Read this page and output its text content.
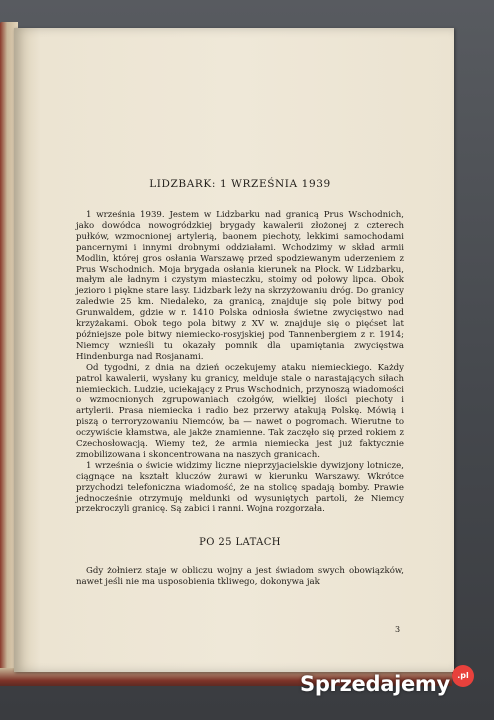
LIDZBARK: 1 WRZEŚNIA 1939

1 września 1939. Jestem w Lidzbarku nad granicą Prus Wschodnich, jako dowódca nowogródzkiej brygady kawalerii złożonej z czterech pułków, wzmocnionej artylerią, baonem piechoty, lekkimi samochodami pancernymi i innymi drobnymi oddziałami. Wchodzimy w skład armii Modlin, której gros osłania Warszawę przed spodziewanym uderzeniem z Prus Wschodnich. Moja brygada osłania kierunek na Płock. W Lidzbarku, małym ale ładnym i czystym miasteczku, stoimy od połowy lipca. Obok jezioro i piękne stare lasy. Lidzbark leży na skrzyżowaniu dróg. Do granicy zaledwie 25 km. Niedaleko, za granicą, znajduje się pole bitwy pod Grunwaldem, gdzie w r. 1410 Polska odniosła świetne zwycięstwo nad krzyżakami. Obok tego pola bitwy z XV w. znajduje się o pięćset lat późniejsze pole bitwy niemiecko-rosyjskiej pod Tannenbergiem z r. 1914; Niemcy wznieśli tu okazały pomnik dla upamiętania zwycięstwa Hindenburga nad Rosjanami.

Od tygodni, z dnia na dzień oczekujemy ataku niemieckiego. Każdy patrol kawalerii, wysłany ku granicy, melduje stale o narastających siłach niemieckich. Ludzie, uciekający z Prus Wschodnich, przynoszą wiadomości o wzmocnionych zgrupowaniach czołgów, wielkiej ilości piechoty i artylerii. Prasa niemiecka i radio bez przerwy atakują Polskę. Mówią i piszą o terroryzowaniu Niemców, ba — nawet o pogromach. Wierutne to oczywiście kłamstwa, ale jakże znamienne. Tak zaczęło się przed rokiem z Czechosłowacją. Wiemy też, że armia niemiecka jest już faktycznie zmobilizowana i skoncentrowana na naszych granicach.

1 września o świcie widzimy liczne nieprzyjacielskie dywizjony lotnicze, ciągnące na kształt kluczów żurawi w kierunku Warszawy. Wkrótce przychodzi telefoniczna wiadomość, że na stolicę spadają bomby. Prawie jednocześnie otrzymuję meldunki od wysuniętych partoli, że Niemcy przekroczyli granicę. Są zabici i ranni. Wojna rozgorzała.

PO 25 LATACH

Gdy żołnierz staje w obliczu wojny a jest świadom swych obowiązków, nawet jeśli nie ma usposobienia tkliwego, dokonywa jak

3
Sprzedajemy .pl
